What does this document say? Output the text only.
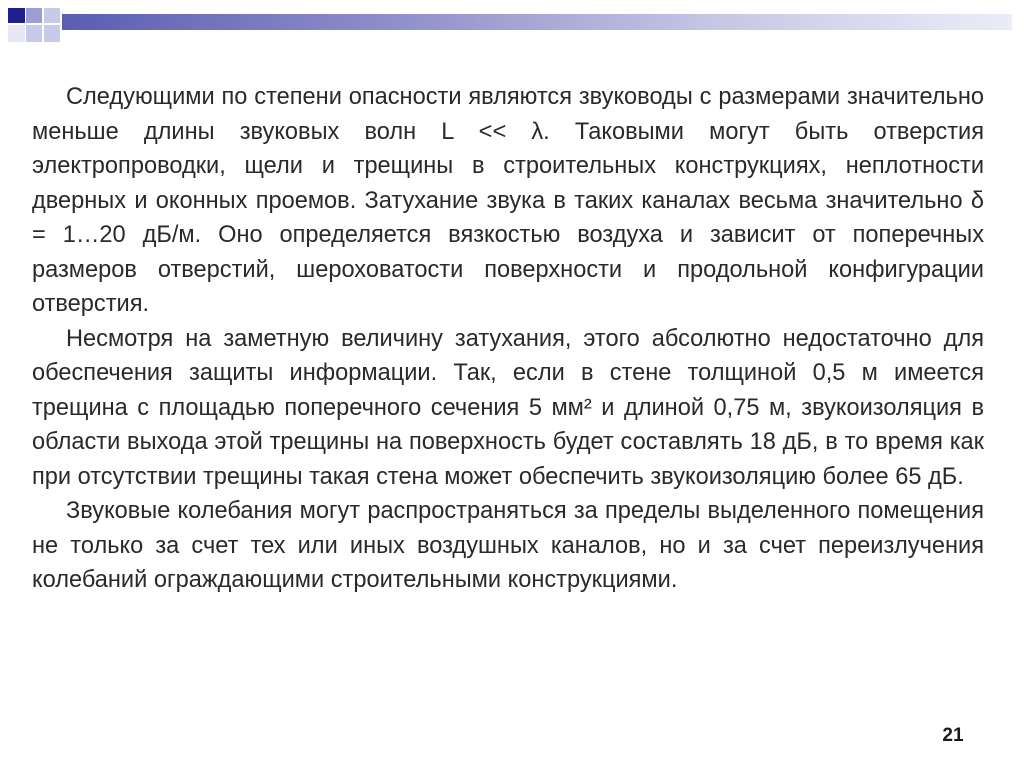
Следующими по степени опасности являются звуководы с размерами значительно меньше длины звуковых волн L << λ. Таковыми могут быть отверстия электропроводки, щели и трещины в строительных конструкциях, неплотности дверных и оконных проемов. Затухание звука в таких каналах весьма значительно δ = 1…20 дБ/м. Оно определяется вязкостью воздуха и зависит от поперечных размеров отверстий, шероховатости поверхности и продольной конфигурации отверстия.

Несмотря на заметную величину затухания, этого абсолютно недостаточно для обеспечения защиты информации. Так, если в стене толщиной 0,5 м имеется трещина с площадью поперечного сечения 5 мм² и длиной 0,75 м, звукоизоляция в области выхода этой трещины на поверхность будет составлять 18 дБ, в то время как при отсутствии трещины такая стена может обеспечить звукоизоляцию более 65 дБ.

Звуковые колебания могут распространяться за пределы выделенного помещения не только за счет тех или иных воздушных каналов, но и за счет переизлучения колебаний ограждающими строительными конструкциями.

21
